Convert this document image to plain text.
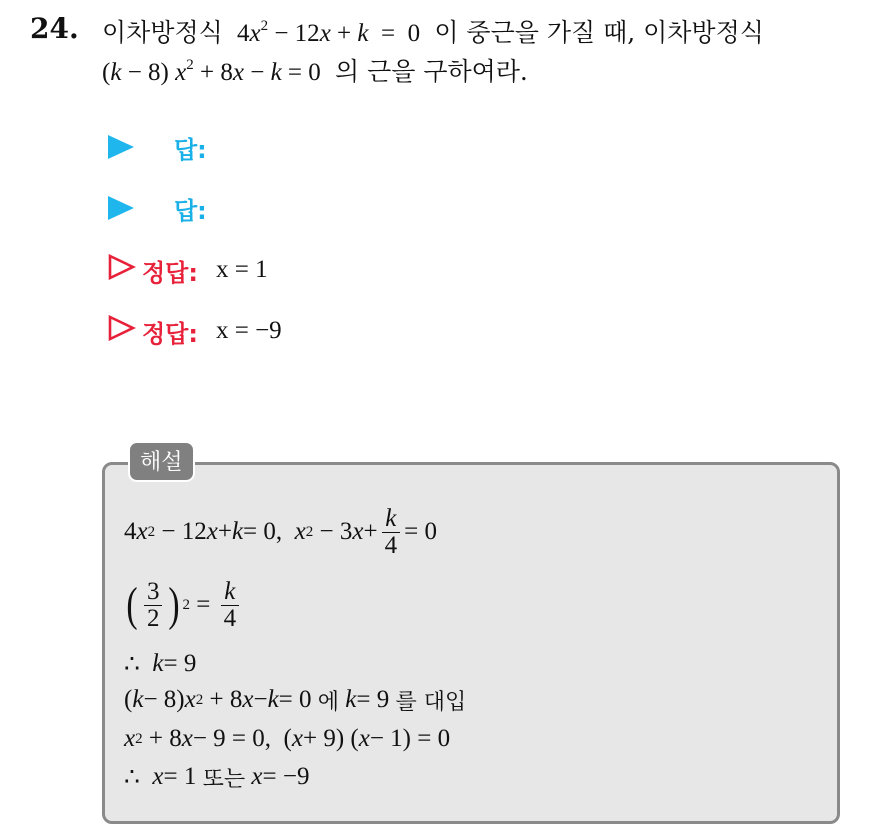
24. 이차방정식  $4x^2 - 12x + k = 0$  이 중근을 가질 때, 이차방정식
(k − 8) $x^2 + 8x - k = 0$  의 근을 구하여라.
답:
답:
정답: x = 1
정답: x = −9
해설
4 x 2 − 12 x + k = 0, x 2 − 3 $x + \frac{k}{4} = 0$
( $\frac{3}{2}$ ) $2 = \frac{k}{4}$
∴
k = 9
( k − 8) x 2 + 8 x − k = 0 에
k = 9 를 대입
x 2 + 8 x − 9 = 0,  ( x + 9) ( x − 1) = 0
∴
x = 1 또는
x = −9
